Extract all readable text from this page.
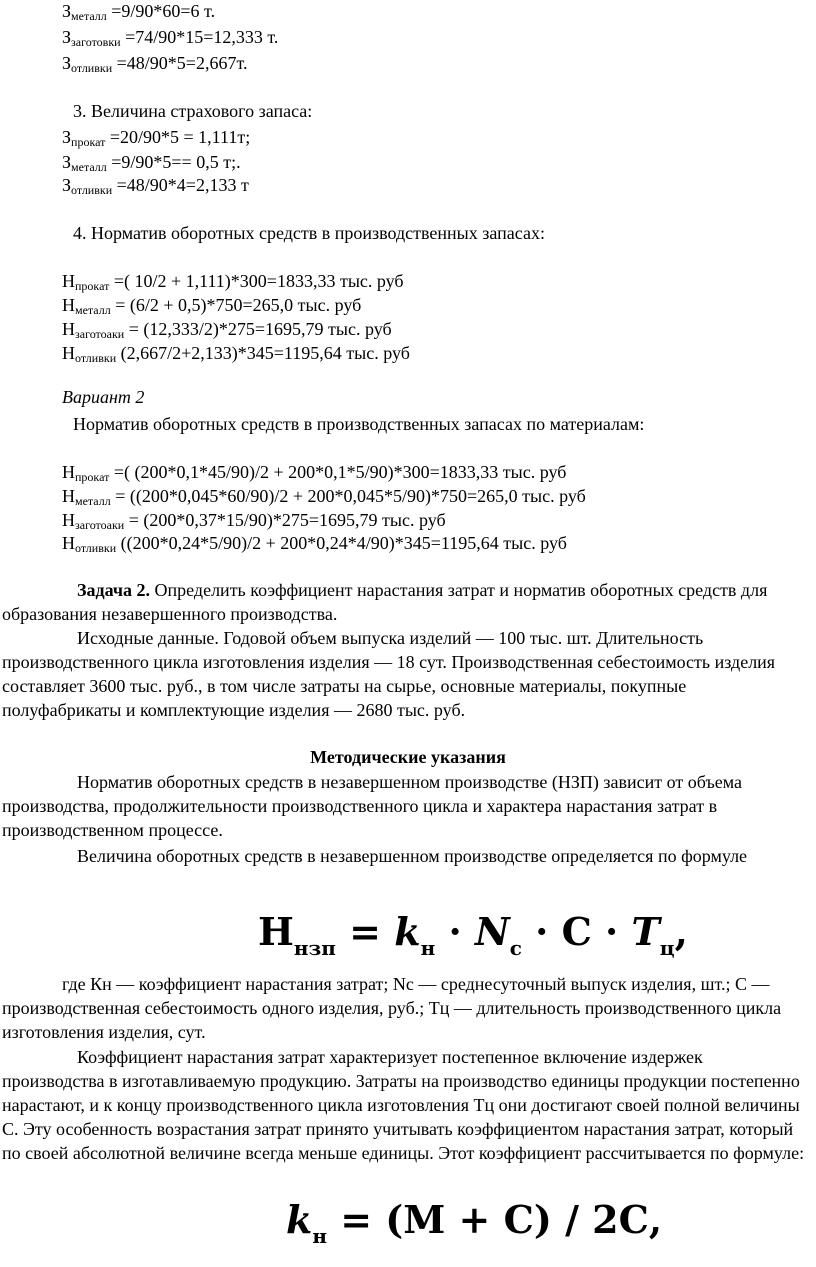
Зметалл =9/90*60=6 т.
Ззаготовки =74/90*15=12,333 т.
Зотливки =48/90*5=2,667т.
3. Величина страхового запаса:
Зпрокат =20/90*5 = 1,111т;
Зметалл =9/90*5== 0,5 т;.
Зотливки =48/90*4=2,133 т
4. Норматив оборотных средств в производственных запасах:
Нпрокат =( 10/2 + 1,111)*300=1833,33 тыс. руб
Нметалл = (6/2 + 0,5)*750=265,0 тыс. руб
Нзаготоаки = (12,333/2)*275=1695,79 тыс. руб
Нотливки (2,667/2+2,133)*345=1195,64 тыс. руб
Вариант 2
Норматив оборотных средств в производственных запасах по материалам:
Нпрокат =( (200*0,1*45/90)/2 + 200*0,1*5/90)*300=1833,33 тыс. руб
Нметалл = ((200*0,045*60/90)/2 + 200*0,045*5/90)*750=265,0 тыс. руб
Нзаготоаки = (200*0,37*15/90)*275=1695,79 тыс. руб
Нотливки ((200*0,24*5/90)/2 + 200*0,24*4/90)*345=1195,64 тыс. руб
Задача 2. Определить коэффициент нарастания затрат и норматив оборотных средств для образования незавершенного производства.
Исходные данные. Годовой объем выпуска изделий — 100 тыс. шт. Длительность производственного цикла изготовления изделия — 18 сут. Производственная себестоимость изделия составляет 3600 тыс. руб., в том числе затраты на сырье, основные материалы, покупные полуфабрикаты и комплектующие изделия — 2680 тыс. руб.
Методические указания
Норматив оборотных средств в незавершенном производстве (НЗП) зависит от объема производства, продолжительности производственного цикла и характера нарастания затрат в производственном процессе.
Величина оборотных средств в незавершенном производстве определяется по формуле
$Н_{нзп} = k_н \cdot N_с \cdot С \cdot T_ц$,
где Кн — коэффициент нарастания затрат; Nс — среднесуточный выпуск изделия, шт.; С — производственная себестоимость одного изделия, руб.; Тц — длительность производственного цикла изготовления изделия, сут.
Коэффициент нарастания затрат характеризует постепенное включение издержек производства в изготавливаемую продукцию. Затраты на производство единицы продукции постепенно нарастают, и к концу производственного цикла изготовления Тц они достигают своей полной величины С. Эту особенность возрастания затрат принято учитывать коэффициентом нарастания затрат, который по своей абсолютной величине всегда меньше единицы. Этот коэффициент рассчитывается по формуле:
$k_н = (М + С) / 2С$,
